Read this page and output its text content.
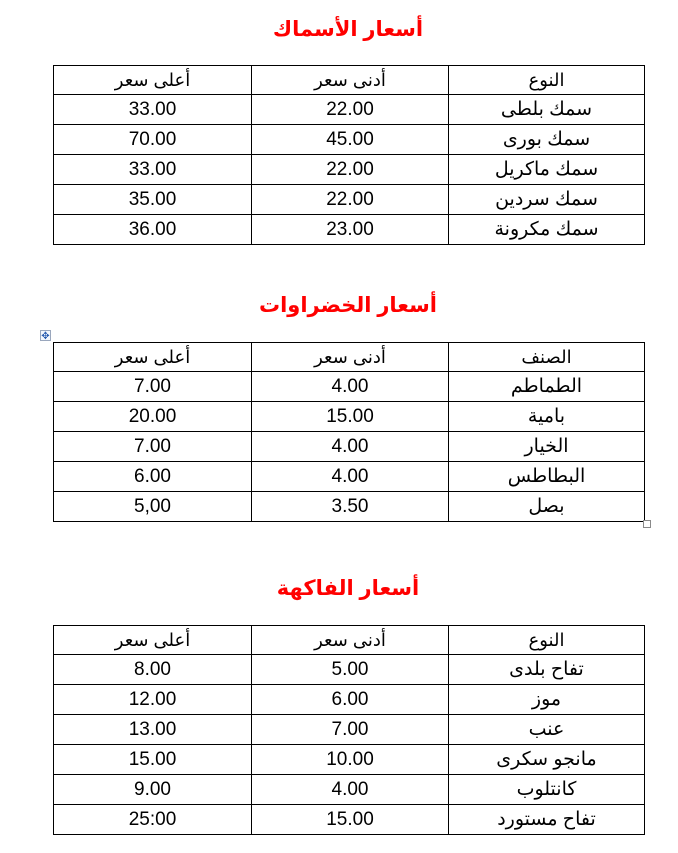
أسعار الأسماك
النوع	أدنى سعر	أعلى سعر
سمك بلطى	22.00	33.00
سمك بورى	45.00	70.00
سمك ماكريل	22.00	33.00
سمك سردين	22.00	35.00
سمك مكرونة	23.00	36.00
أسعار الخضراوات
✥
الصنف	أدنى سعر	أعلى سعر
الطماطم	4.00	7.00
بامية	15.00	20.00
الخيار	4.00	7.00
البطاطس	4.00	6.00
بصل	3.50	5,00
أسعار الفاكهة
النوع	أدنى سعر	أعلى سعر
تفاح بلدى	5.00	8.00
موز	6.00	12.00
عنب	7.00	13.00
مانجو سكرى	10.00	15.00
كانتلوب	4.00	9.00
تفاح مستورد	15.00	25:00
